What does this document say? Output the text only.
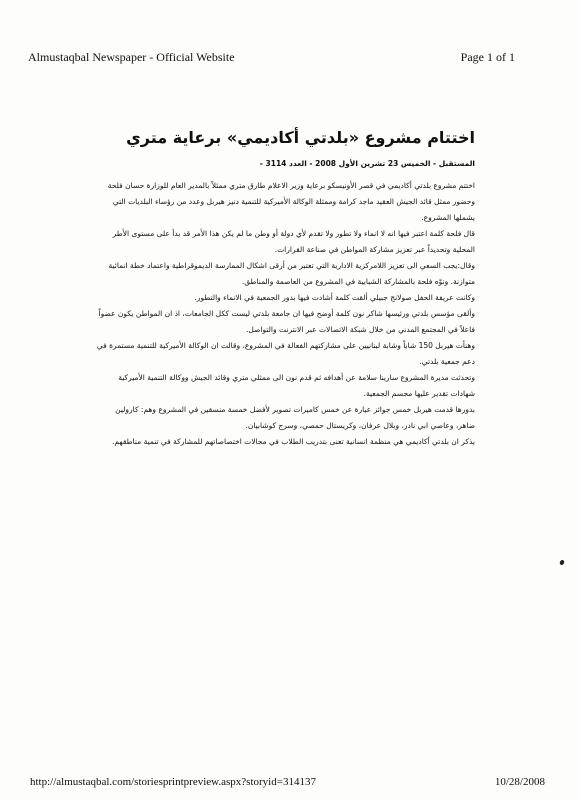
Almustaqbal Newspaper - Official Website	Page 1 of 1
اختتام مشروع «بلدتي أكاديمي» برعاية متري

المستقبل - الخميس 23 تشرين الأول 2008 - العدد 3114 -

اختتم مشروع بلدتي أكاديمي في قصر الأونيسكو برعاية وزير الاعلام طارق متري ممثلاً بالمدير العام للوزارة حسان فلحة

وحضور ممثل قائد الجيش العقيد ماجد كرامة وممثلة الوكالة الأميركية للتنمية دنيز هيربل وعدد من رؤساء البلديات التي

يشملها المشروع.

قال فلحة كلمة اعتبر فيها انه لا انماء ولا تطور ولا تقدم لأي دولة أو وطن ما لم يكن هذا الأمر قد بدأ على مستوى الأطر

المحلية وتحديداً عبر تعزيز مشاركة المواطن في صناعة القرارات.

وقال:يجب السعي الى تعزيز اللامركزية الادارية التي تعتبر من أرقى اشكال الممارسة الديموقراطية واعتماد خطة انمائية

متوازنة. ونوّه فلحة بالمشاركة الشبابية في المشروع من العاصمة والمناطق.

وكانت عريفة الحفل صولانج جبيلي ألقت كلمة أشادت فيها بدور الجمعية في الانماء والتطور.

وألقى مؤسس بلدتي ورئيسها شاكر نون كلمة أوضح فيها ان جامعة بلدتي ليست ككل الجامعات، اذ ان المواطن يكون عضواً

فاعلاً في المجتمع المدني من خلال شبكة الاتصالات عبر الانترنت والتواصل.

وهنأت هيربل 150 شاباً وشابة لبنانيين على مشاركتهم الفعالة في المشروع، وقالت ان الوكالة الأميركية للتنمية مستمرة في

دعم جمعية بلدتي.

وتحدثت مديرة المشروع سارينا سلامة عن أهدافه ثم قدم نون الى ممثلي متري وقائد الجيش ووكالة التنمية الأميركية

شهادات تقدير عليها مجسم الجمعية.

بدورها قدمت هيربل خمس جوائز عبارة عن خمس كاميرات تصوير لأفضل خمسة منسقين في المشروع وهم: كارولين

ضاهر، وعاصي ابي نادر، وبلال عرفان، وكريستال حمصي، وسرج كوشابيان.

يذكر ان بلدتي أكاديمي هي منظمة انسانية تعنى بتدريب الطلاب في مجالات اختصاصاتهم للمشاركة في تنمية مناطقهم.

http://almustaqbal.com/storiesprintpreview.aspx?storyid=314137	10/28/2008
